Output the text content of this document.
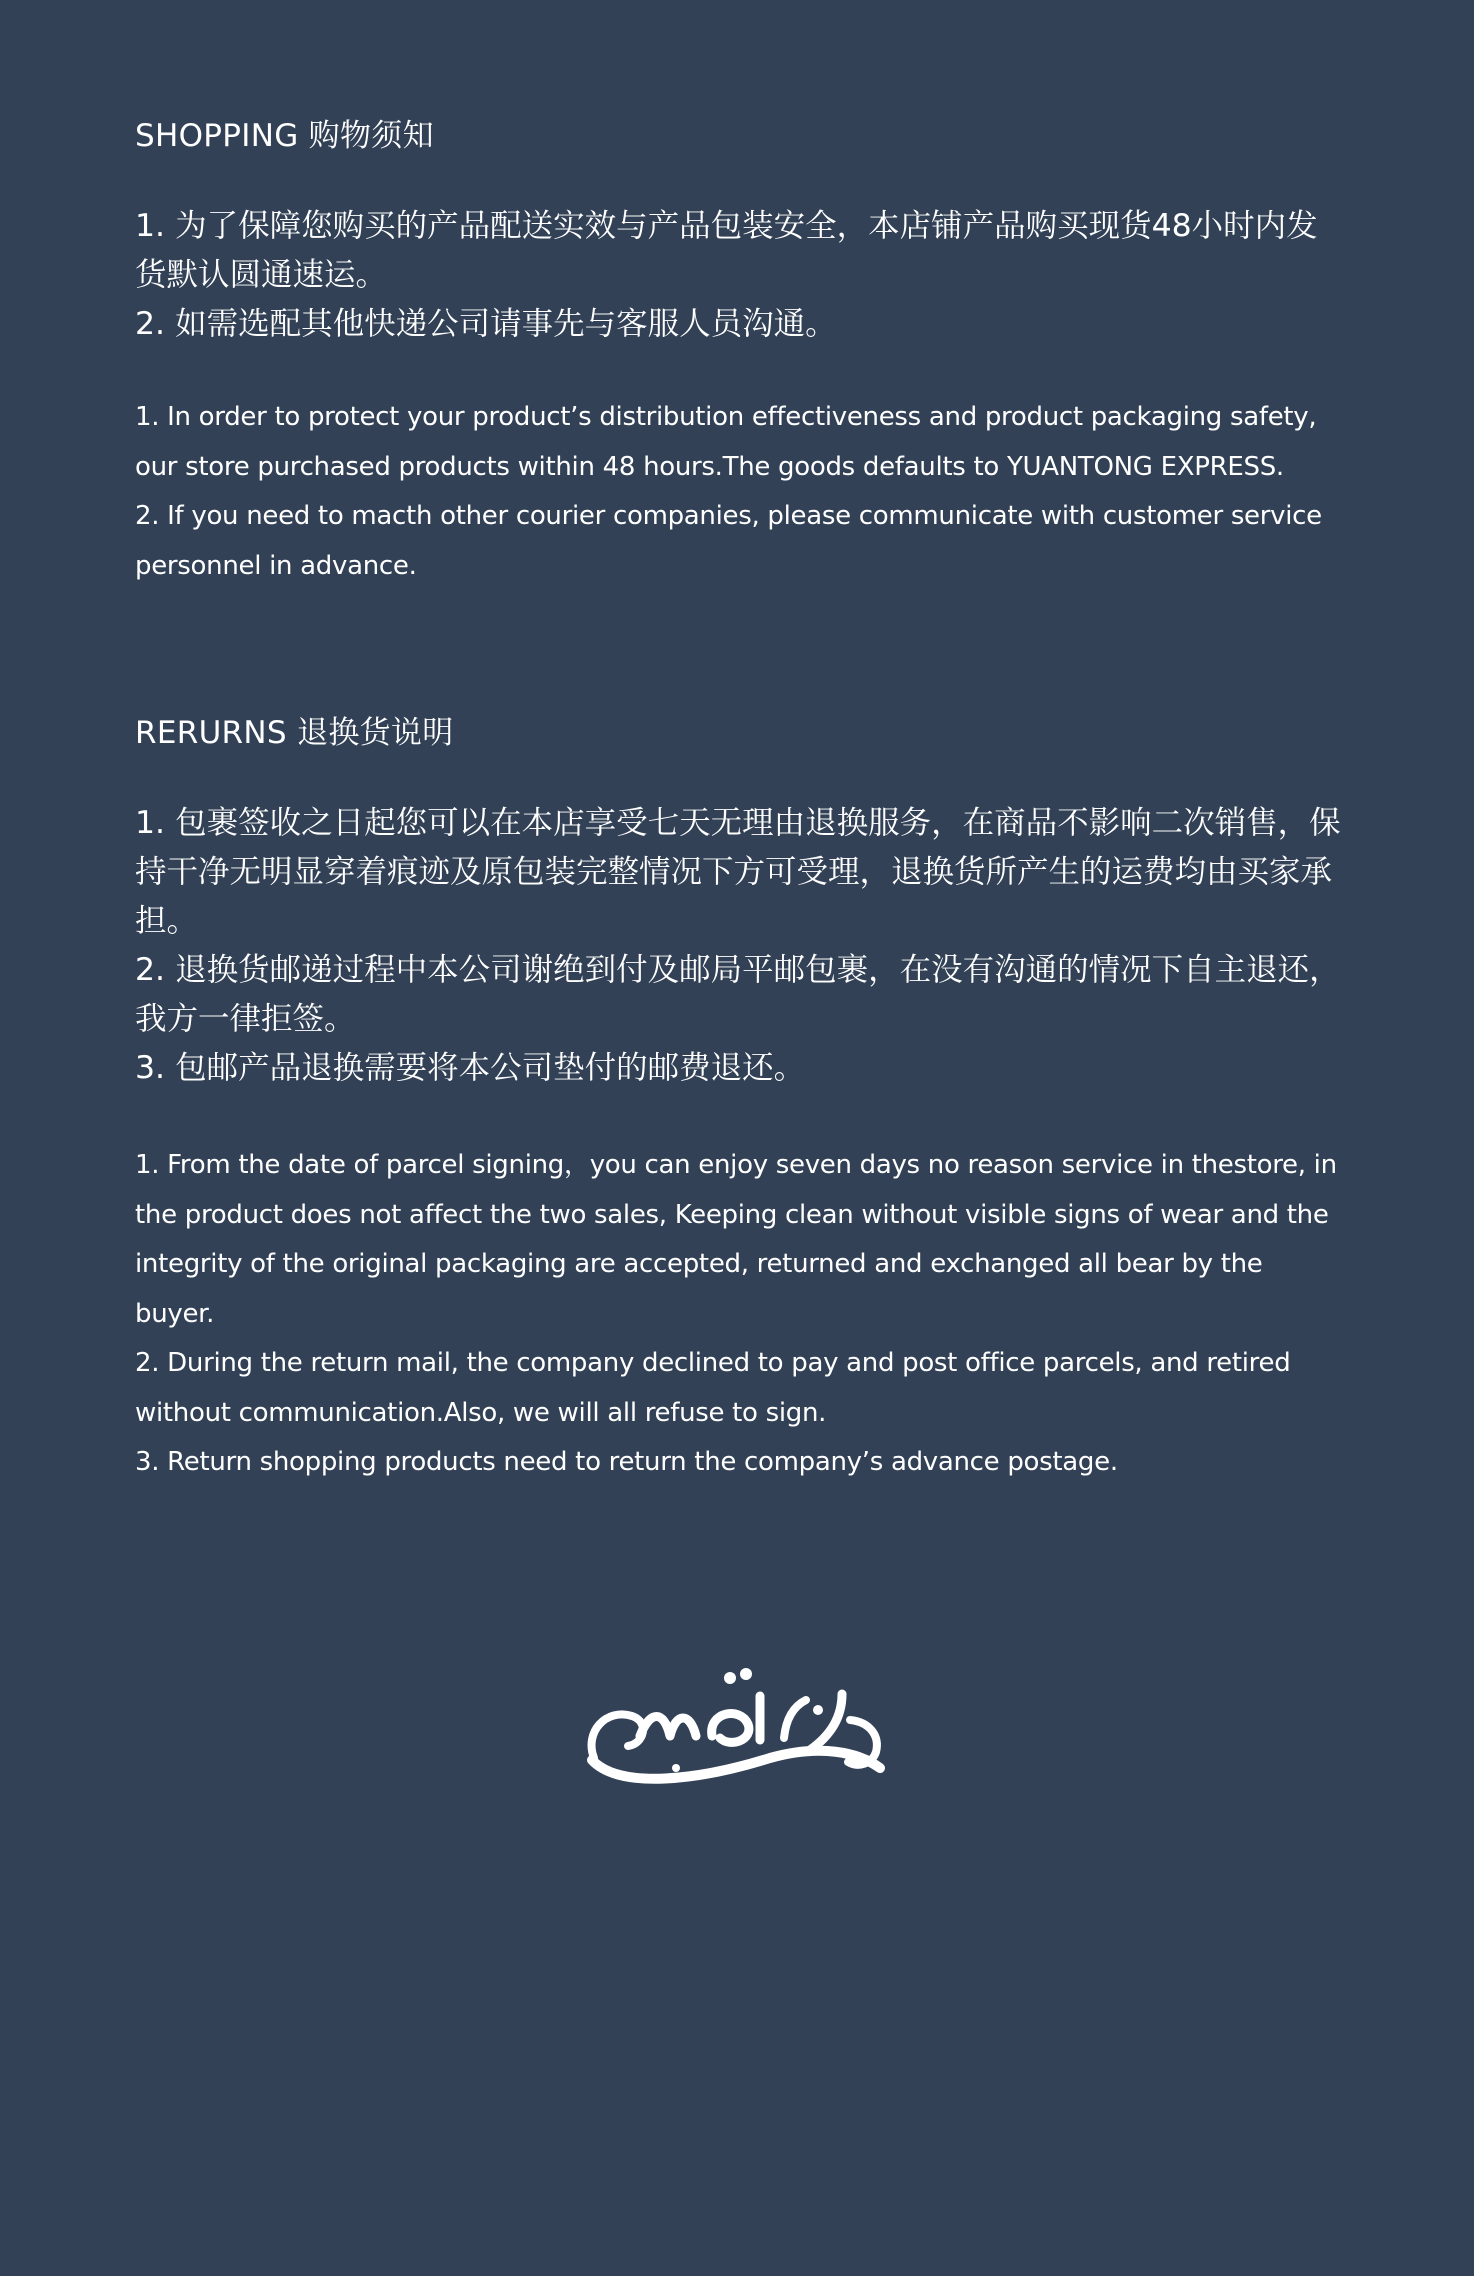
SHOPPING 购物须知

1. 为了保障您购买的产品配送实效与产品包装安全，本店铺产品购买现货48小时内发货默认圆通速运。

2. 如需选配其他快递公司请事先与客服人员沟通。

1. In order to protect your product’s distribution effectiveness and product packaging safety, our store purchased products within 48 hours.The goods defaults to YUANTONG EXPRESS.

2. If you need to macth other courier companies, please communicate with customer service personnel in advance.

RERURNS 退换货说明

1. 包裹签收之日起您可以在本店享受七天无理由退换服务，在商品不影响二次销售，保持干净无明显穿着痕迹及原包装完整情况下方可受理，退换货所产生的运费均由买家承担。

2. 退换货邮递过程中本公司谢绝到付及邮局平邮包裹，在没有沟通的情况下自主退还，我方一律拒签。

3. 包邮产品退换需要将本公司垫付的邮费退还。

1. From the date of parcel signing，you can enjoy seven days no reason service in thestore, in the product does not affect the two sales, Keeping clean without visible signs of wear and the integrity of the original packaging are accepted, returned and exchanged all bear by the buyer.

2. During the return mail, the company declined to pay and post office parcels, and retired without communication.Also, we will all refuse to sign.

3. Return shopping products need to return the company’s advance postage.
